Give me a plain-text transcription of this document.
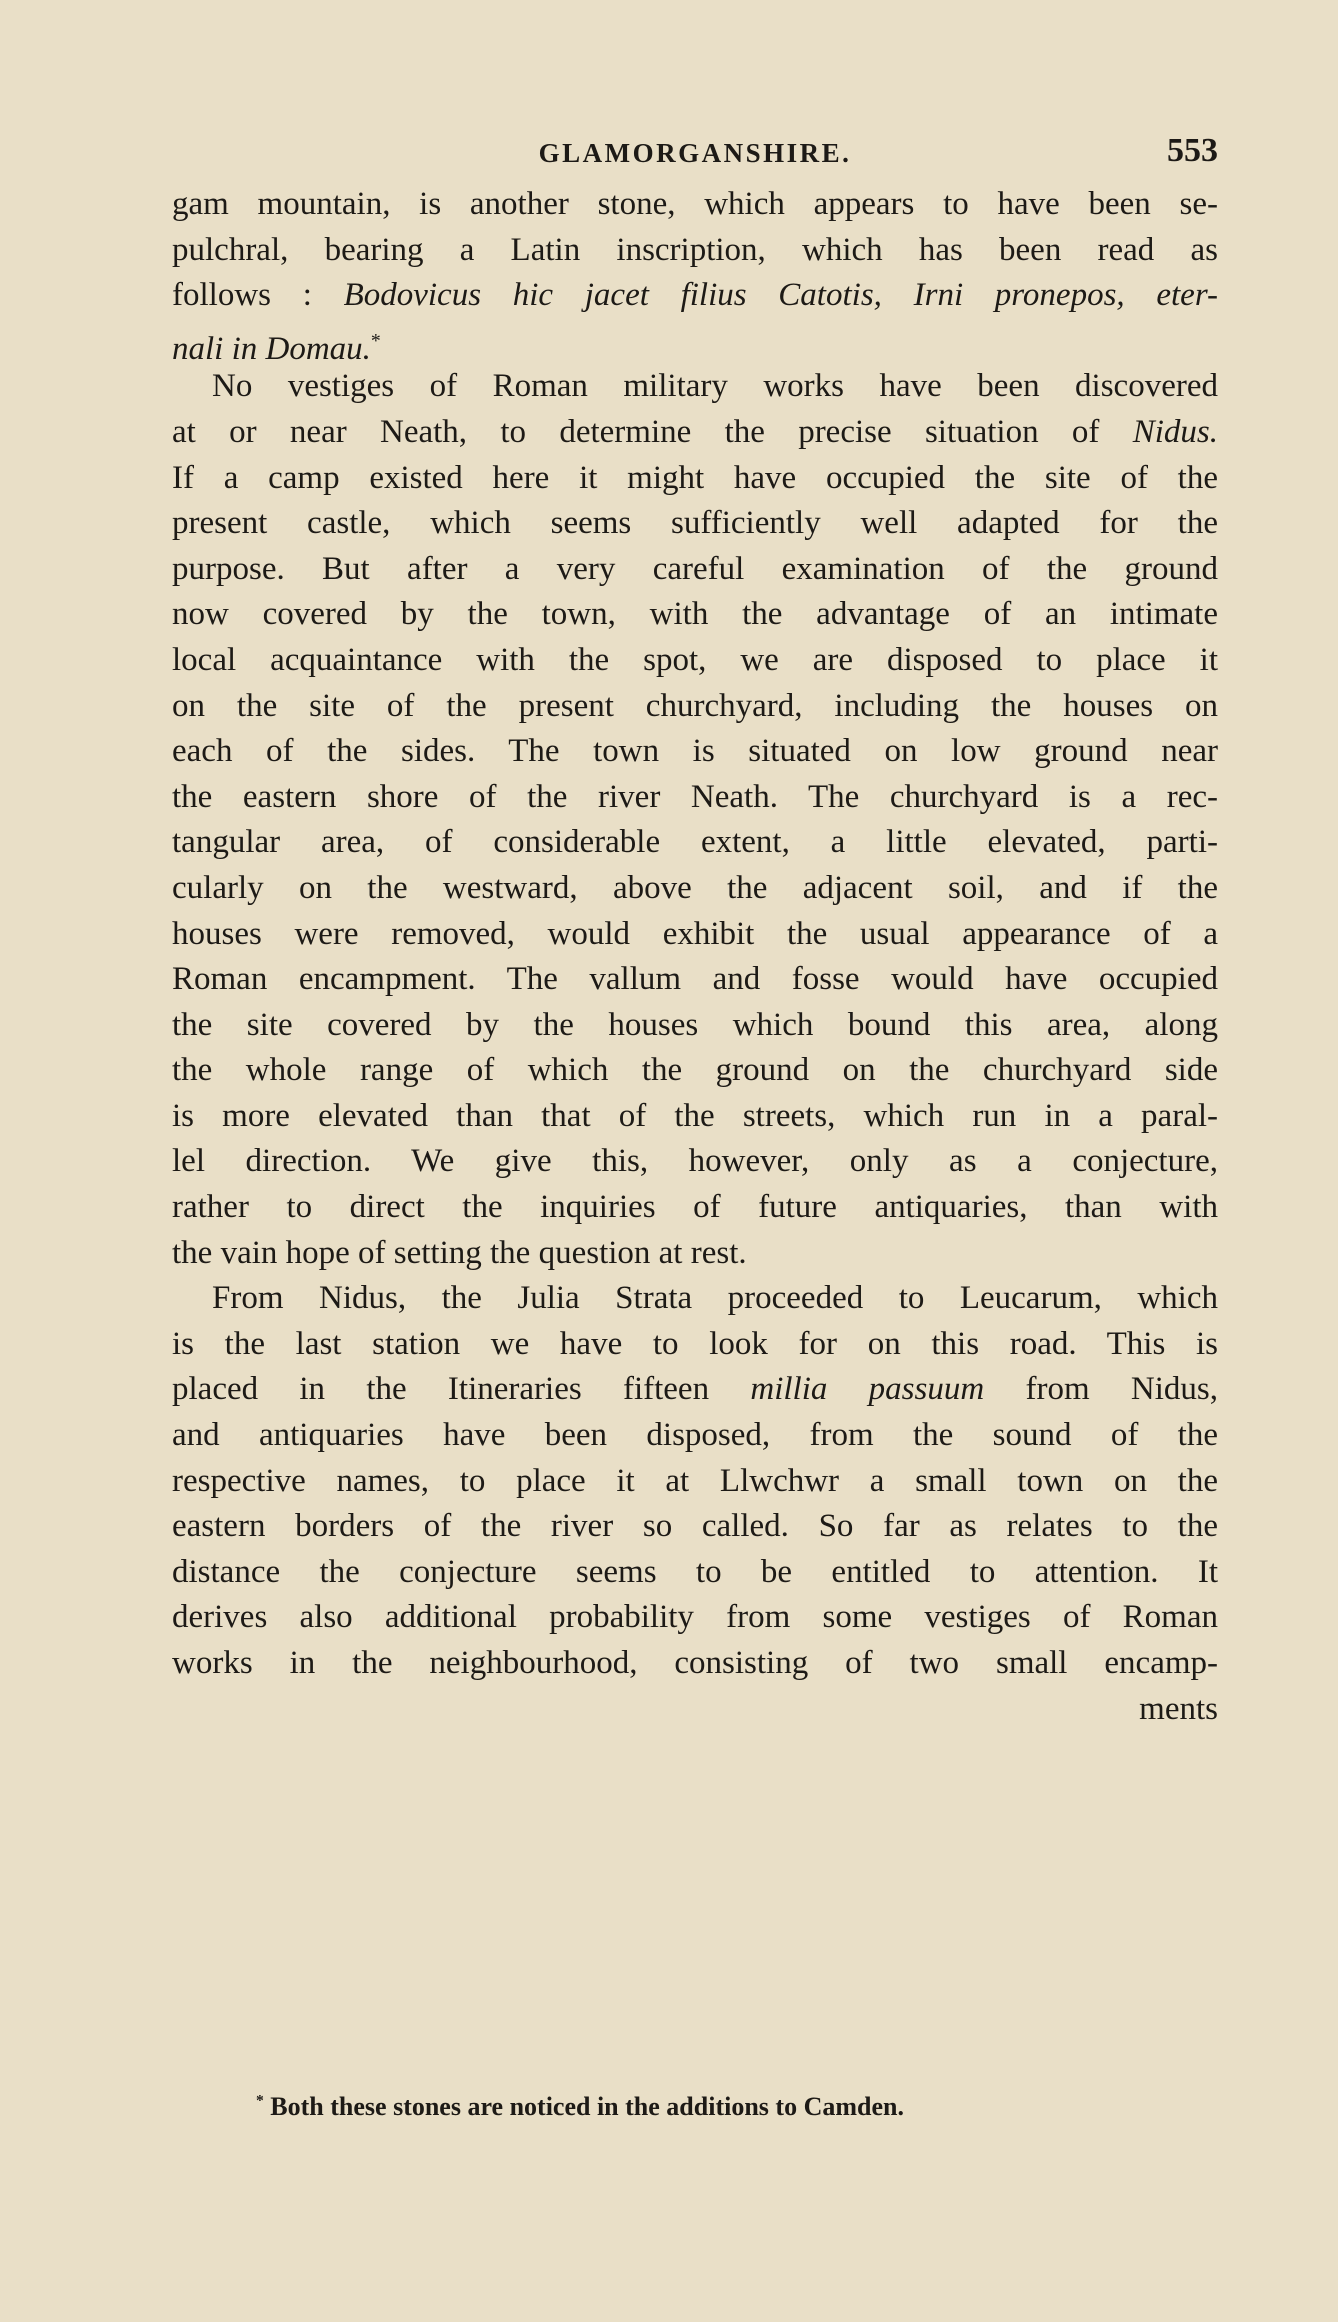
GLAMORGANSHIRE.	553
gam mountain, is another stone, which appears to have been se-
pulchral, bearing a Latin inscription, which has been read as
follows : Bodovicus hic jacet filius Catotis, Irni pronepos, eter-
nali in Domau.*
No vestiges of Roman military works have been discovered
at or near Neath, to determine the precise situation of Nidus.
If a camp existed here it might have occupied the site of the
present castle, which seems sufficiently well adapted for the
purpose. But after a very careful examination of the ground
now covered by the town, with the advantage of an intimate
local acquaintance with the spot, we are disposed to place it
on the site of the present churchyard, including the houses on
each of the sides. The town is situated on low ground near
the eastern shore of the river Neath. The churchyard is a rec-
tangular area, of considerable extent, a little elevated, parti-
cularly on the westward, above the adjacent soil, and if the
houses were removed, would exhibit the usual appearance of a
Roman encampment. The vallum and fosse would have occupied
the site covered by the houses which bound this area, along
the whole range of which the ground on the churchyard side
is more elevated than that of the streets, which run in a paral-
lel direction. We give this, however, only as a conjecture,
rather to direct the inquiries of future antiquaries, than with
the vain hope of setting the question at rest.
From Nidus, the Julia Strata proceeded to Leucarum, which
is the last station we have to look for on this road. This is
placed in the Itineraries fifteen millia passuum from Nidus,
and antiquaries have been disposed, from the sound of the
respective names, to place it at Llwchwr a small town on the
eastern borders of the river so called. So far as relates to the
distance the conjecture seems to be entitled to attention. It
derives also additional probability from some vestiges of Roman
works in the neighbourhood, consisting of two small encamp-
ments
* Both these stones are noticed in the additions to Camden.
